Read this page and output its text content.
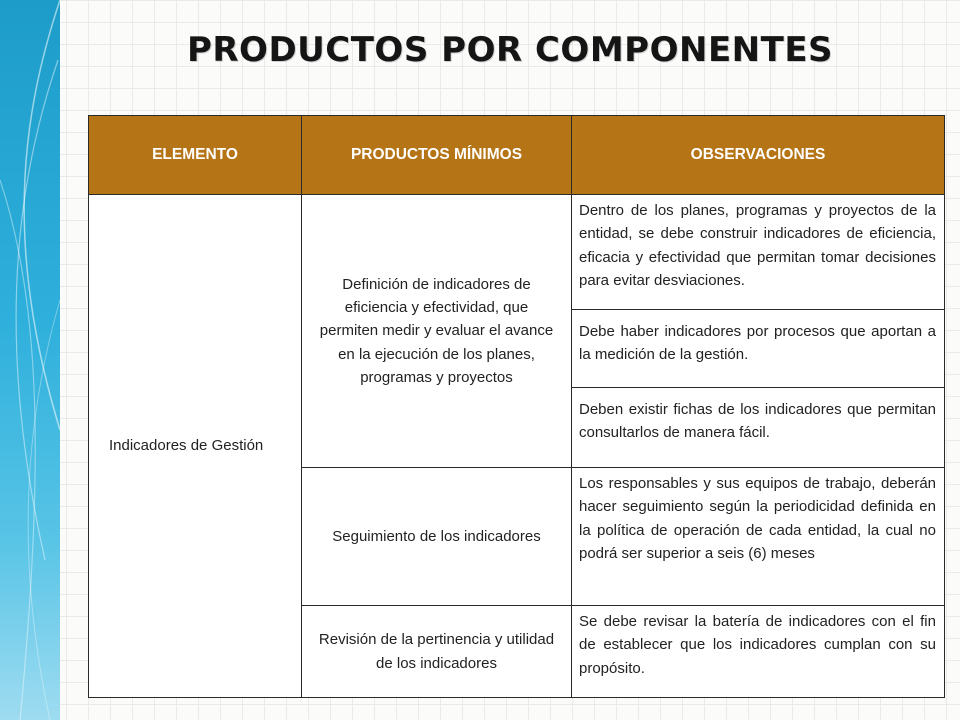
PRODUCTOS POR COMPONENTES
ELEMENTO	PRODUCTOS MÍNIMOS	OBSERVACIONES
Indicadores de Gestión	Definición de indicadores de eficiencia y efectividad, que permiten medir y evaluar el avance en la ejecución de los planes, programas y proyectos	Dentro de los planes, programas y proyectos de la entidad, se debe construir indicadores de eficiencia, eficacia y efectividad que permitan tomar decisiones para evitar desviaciones.
		Debe haber indicadores por procesos que aportan a la medición de la gestión.
		Deben existir fichas de los indicadores que permitan consultarlos de manera fácil.
	Seguimiento de los indicadores	Los responsables y sus equipos de trabajo, deberán hacer seguimiento según la periodicidad definida en la política de operación de cada entidad, la cual no podrá ser superior a seis (6) meses
	Revisión de la pertinencia y utilidad de los indicadores	Se debe revisar la batería de indicadores con el fin de establecer que los indicadores cumplan con su propósito.
